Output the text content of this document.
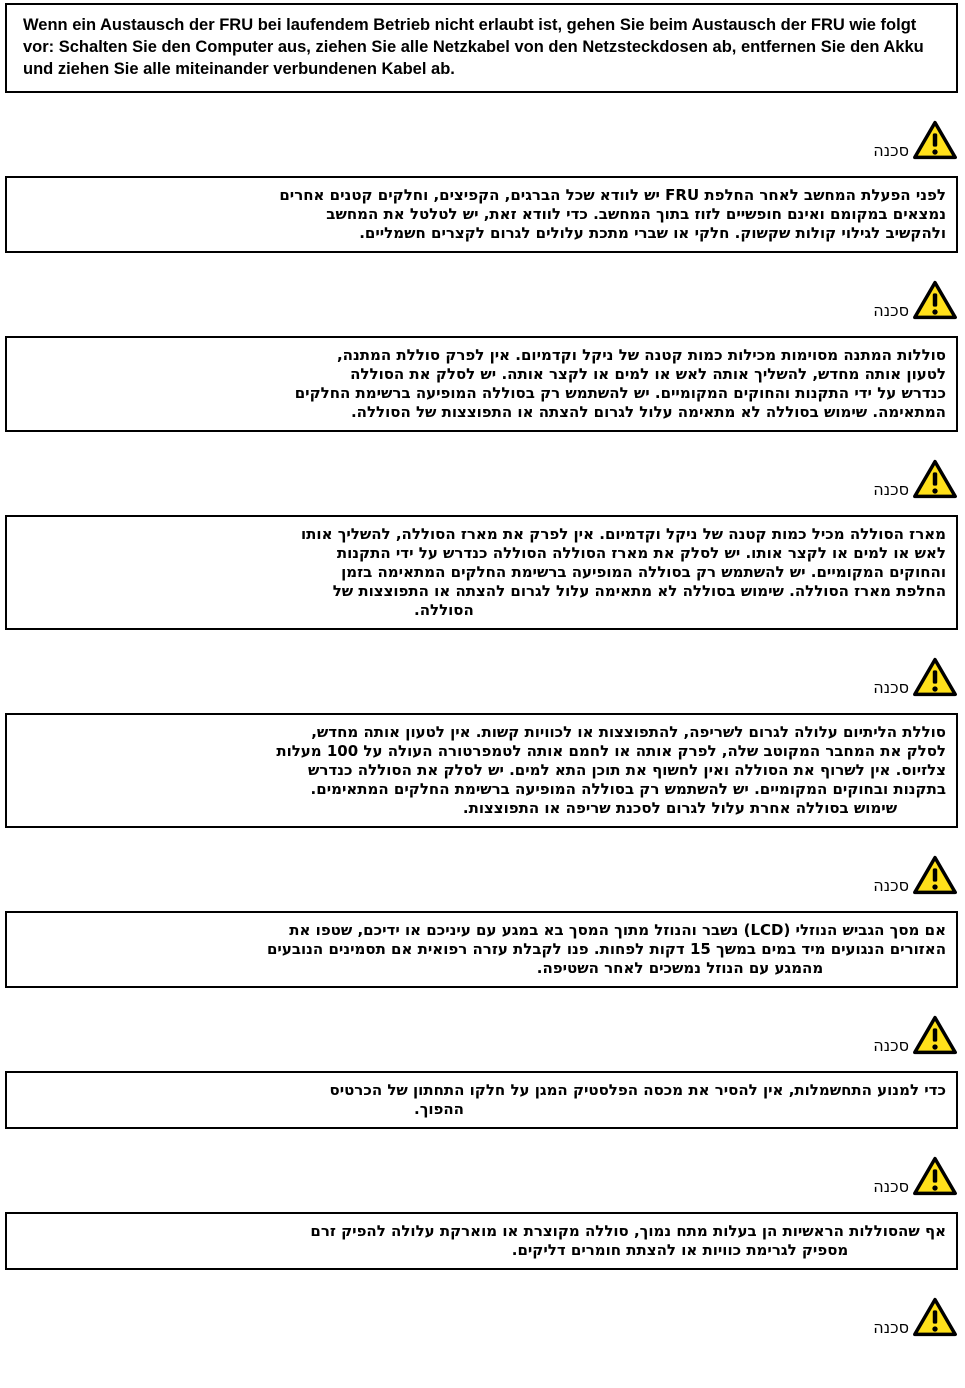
Wenn ein Austausch der FRU bei laufendem Betrieb nicht erlaubt ist, gehen Sie beim Austausch der FRU wie folgt vor: Schalten Sie den Computer aus, ziehen Sie alle Netzkabel von den Netzsteckdosen ab, entfernen Sie den Akku und ziehen Sie alle miteinander verbundenen Kabel ab.

סכנה
לפני הפעלת המחשב לאחר החלפת FRU יש לוודא שכל הברגים, הקפיצים, וחלקים קטנים אחרים
נמצאים במקומם ואינם חופשיים לזוז בתוך המחשב. כדי לוודא זאת, יש לטלטל את המחשב
ולהקשיב לגילוי קולות שקשוק. חלקי או שברי מתכת עלולים לגרום לקצרים חשמליים.
סכנה
סוללות המתנה מסוימות מכילות כמות קטנה של ניקל וקדמיום. אין לפרק סוללת המתנה,
לטעון אותה מחדש, להשליך אותה לאש או למים או לקצר אותה. יש לסלק את הסוללה
כנדרש על ידי התקנות והחוקים המקומיים. יש להשתמש רק בסוללה המופיעה ברשימת החלקים
המתאימה. שימוש בסוללה לא מתאימה עלול לגרום להצתה או התפוצצות של הסוללה.
סכנה
מארז הסוללה מכיל כמות קטנה של ניקל וקדמיום. אין לפרק את מארז הסוללה, להשליך אותו
לאש או למים או לקצר אותו. יש לסלק את מארז הסוללה הסוללה כנדרש על ידי התקנות
והחוקים המקומיים. יש להשתמש רק בסוללה המופיעה ברשימת החלקים המתאימה בזמן
החלפת מארז הסוללה. שימוש בסוללה לא מתאימה עלול לגרום להצתה או התפוצצות של
הסוללה.
סכנה
סוללת הליתיום עלולה לגרום לשריפה, להתפוצצות או לכוויות קשות. אין לטעון אותה מחדש,
לסלק את המחבר המקוטב שלה, לפרק אותה או לחמם אותה לטמפרטורה העולה על 100 מעלות
צלזיוס. אין לשרוף את הסוללה ואין לחשוף את תוכן התא למים. יש לסלק את הסוללה כנדרש
בתקנות ובחוקים המקומיים. יש להשתמש רק בסוללה המופיעה ברשימת החלקים המתאימים.
שימוש בסוללה אחרת עלול לגרום לסכנת שריפה או התפוצצות.
סכנה
אם מסך הגביש הנוזלי (LCD) נשבר והנוזל מתוך המסך בא במגע עם עיניכם או ידיכם, שטפו את
האזורים הנגועים מיד במים במשך 15 דקות לפחות. פנו לקבלת עזרה רפואית אם תסמינים הנובעים
מהמגע עם הנוזל נמשכים לאחר השטיפה.
סכנה
כדי למנוע התחשמלות, אין להסיר את מכסה הפלסטיק המגן על חלקו התחתון של הכרטיס
ההפוך.
סכנה
אף שהסוללות הראשיות הן בעלות מתח נמוך, סוללה מקוצרת או מוארקת עלולה להפיק זרם
מספיק לגרימת כוויות או להצתת חומרים דליקים.
סכנה
